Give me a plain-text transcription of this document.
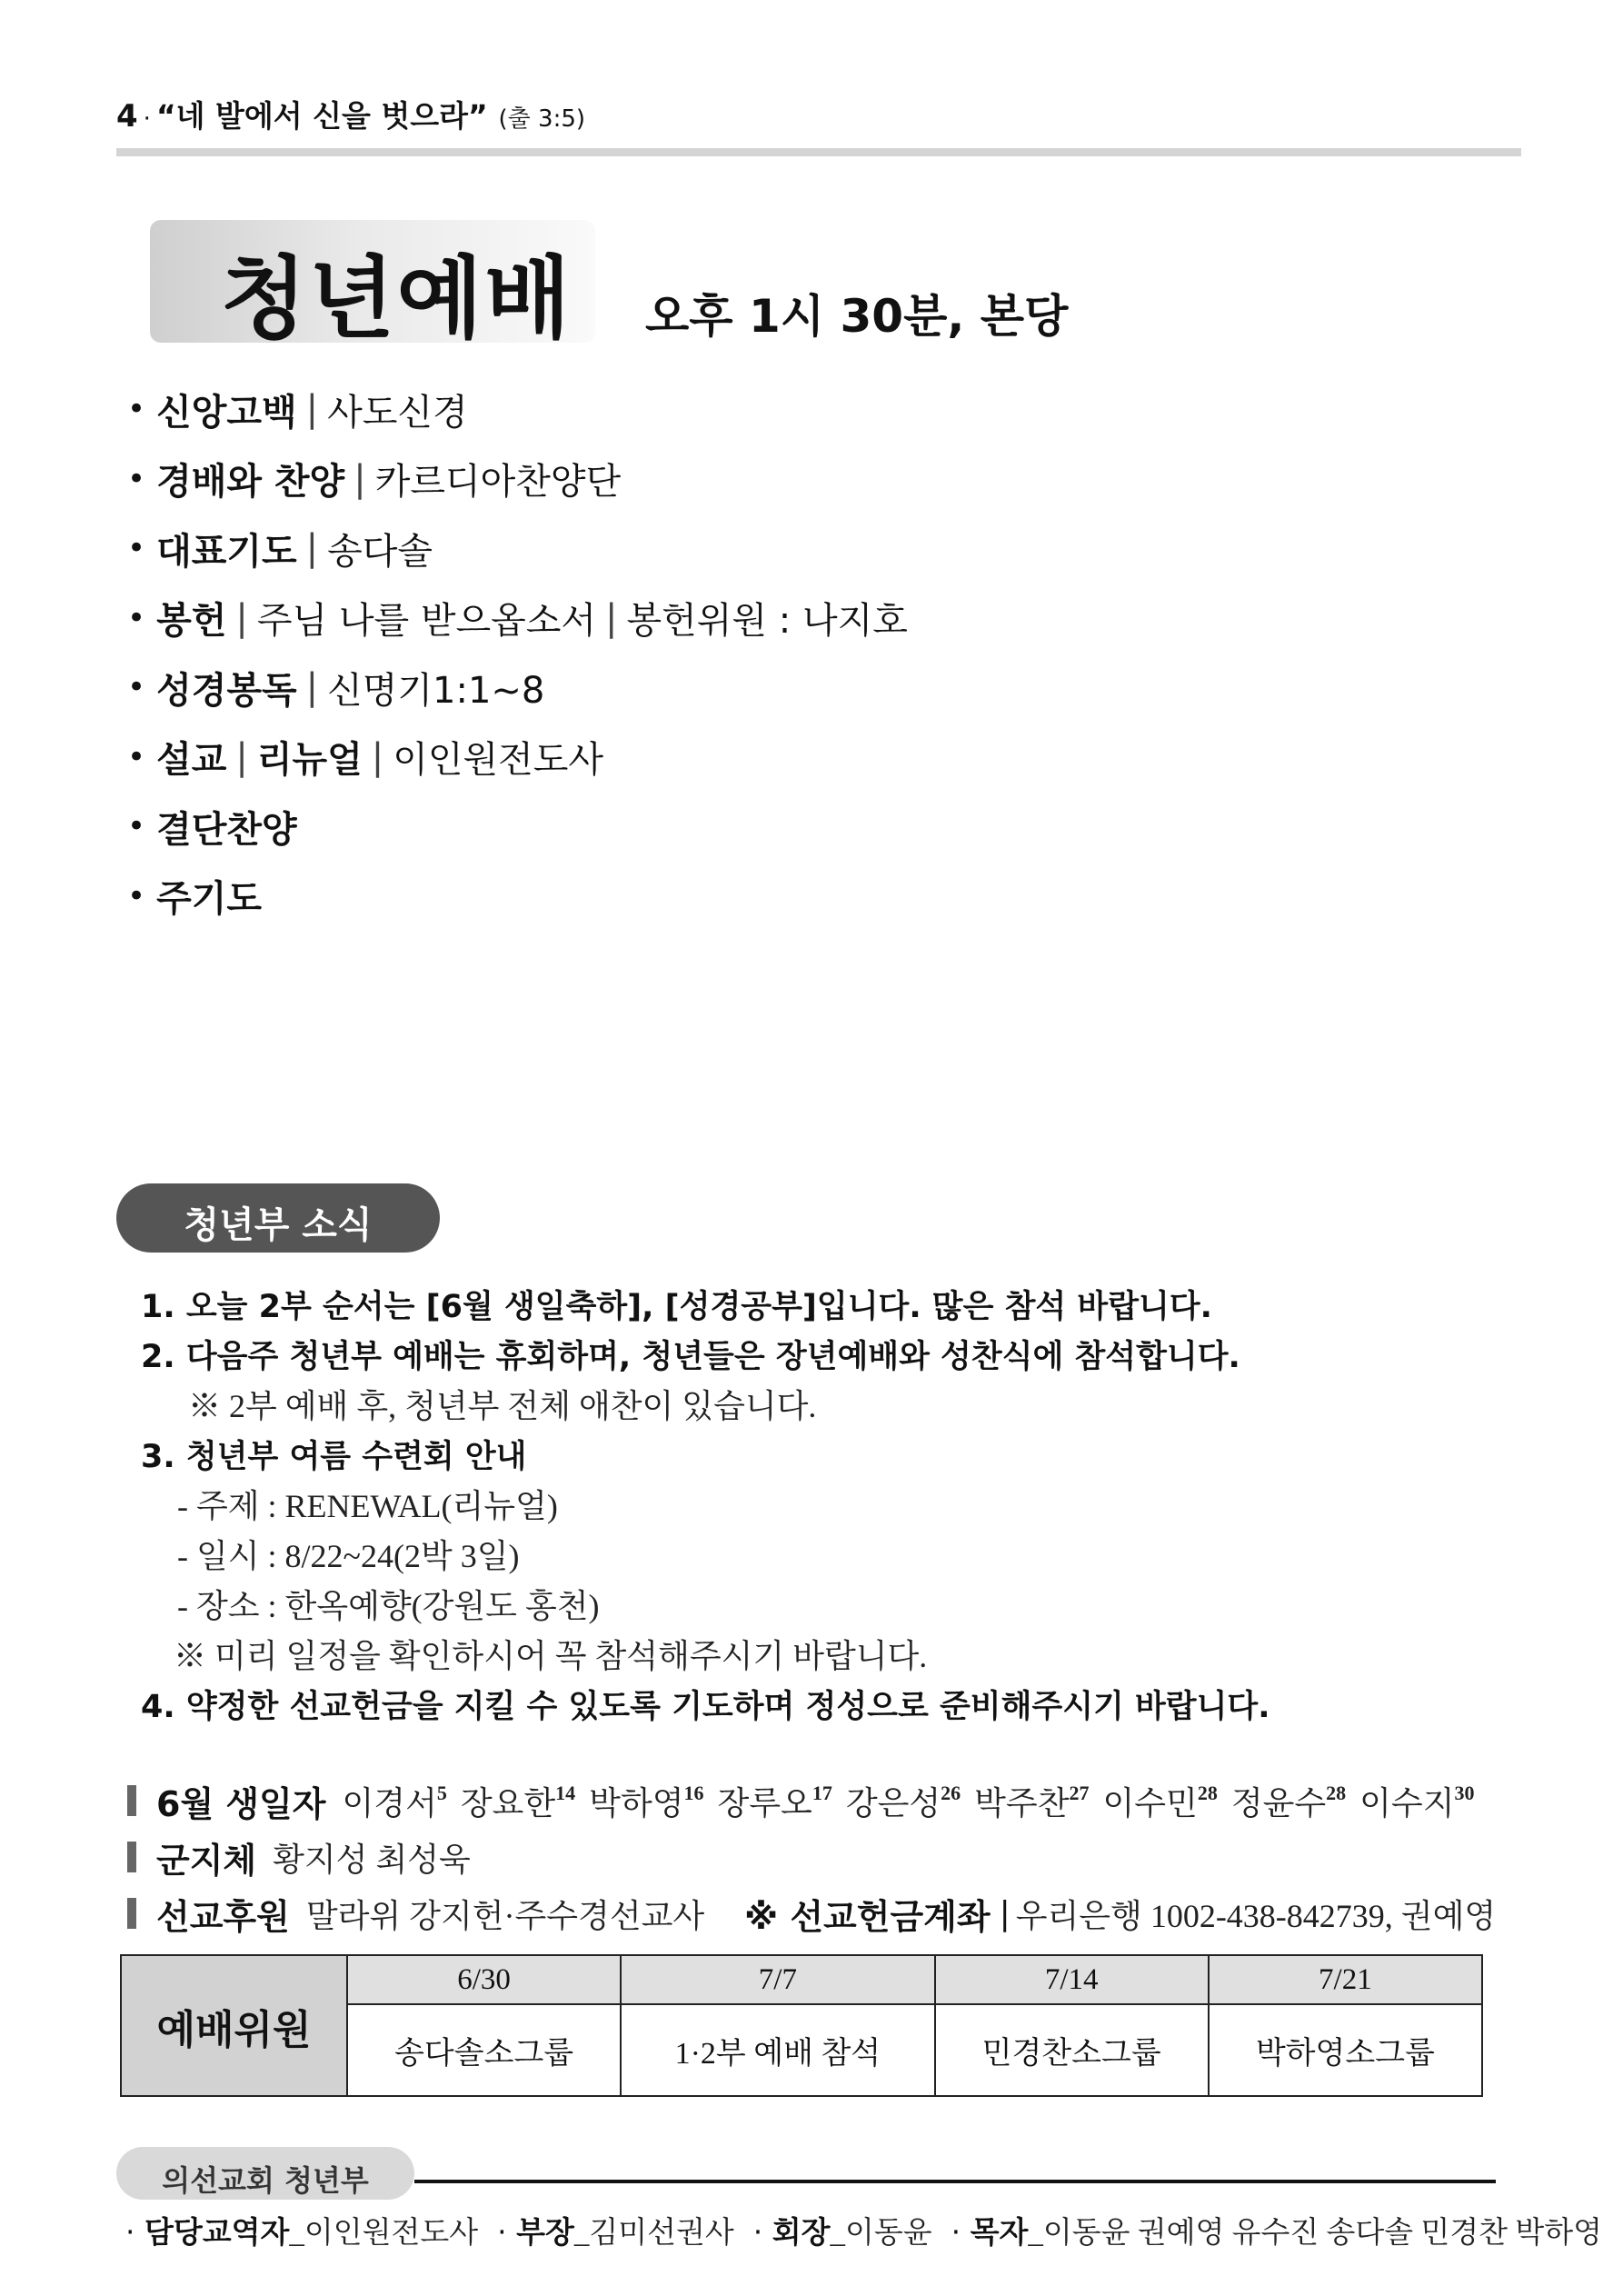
4 · “네 발에서 신을 벗으라” (출 3:5)
청년예배 오후 1시 30분, 본당
• 신앙고백 | 사도신경
• 경배와 찬양 | 카르디아찬양단
• 대표기도 | 송다솔
• 봉헌 | 주님 나를 받으옵소서 | 봉헌위원 : 나지호
• 성경봉독 | 신명기1:1~8
• 설교 | 리뉴얼 | 이인원전도사
• 결단찬양
• 주기도
청년부 소식
1. 오늘 2부 순서는 [6월 생일축하], [성경공부]입니다. 많은 참석 바랍니다.
2. 다음주 청년부 예배는 휴회하며, 청년들은 장년예배와 성찬식에 참석합니다.
※ 2부 예배 후, 청년부 전체 애찬이 있습니다.
3. 청년부 여름 수련회 안내
- 주제 : RENEWAL(리뉴얼)
- 일시 : 8/22~24(2박 3일)
- 장소 : 한옥예향(강원도 홍천)
※ 미리 일정을 확인하시어 꼭 참석해주시기 바랍니다.
4. 약정한 선교헌금을 지킬 수 있도록 기도하며 정성으로 준비해주시기 바랍니다.
6월 생일자 이경서$^5$ 장요한$^{14}$ 박하영$^{16}$ 장루오$^{17}$ 강은성$^{26}$ 박주찬$^{27}$ 이수민$^{28}$ 정윤수$^{28}$ 이수지$^{30}$
군지체 황지성 최성욱
선교후원 말라위 강지헌·주수경선교사 ※ 선교헌금계좌 | 우리은행 1002-438-842739, 권예영
예배위원	6/30	7/7	7/14	7/21
	송다솔소그룹	1·2부 예배 참석	민경찬소그룹	박하영소그룹
의선교회 청년부
· 담당교역자_이인원전도사  · 부장_김미선권사  · 회장_이동윤  · 목자_이동윤 권예영 유수진 송다솔 민경찬 박하영
